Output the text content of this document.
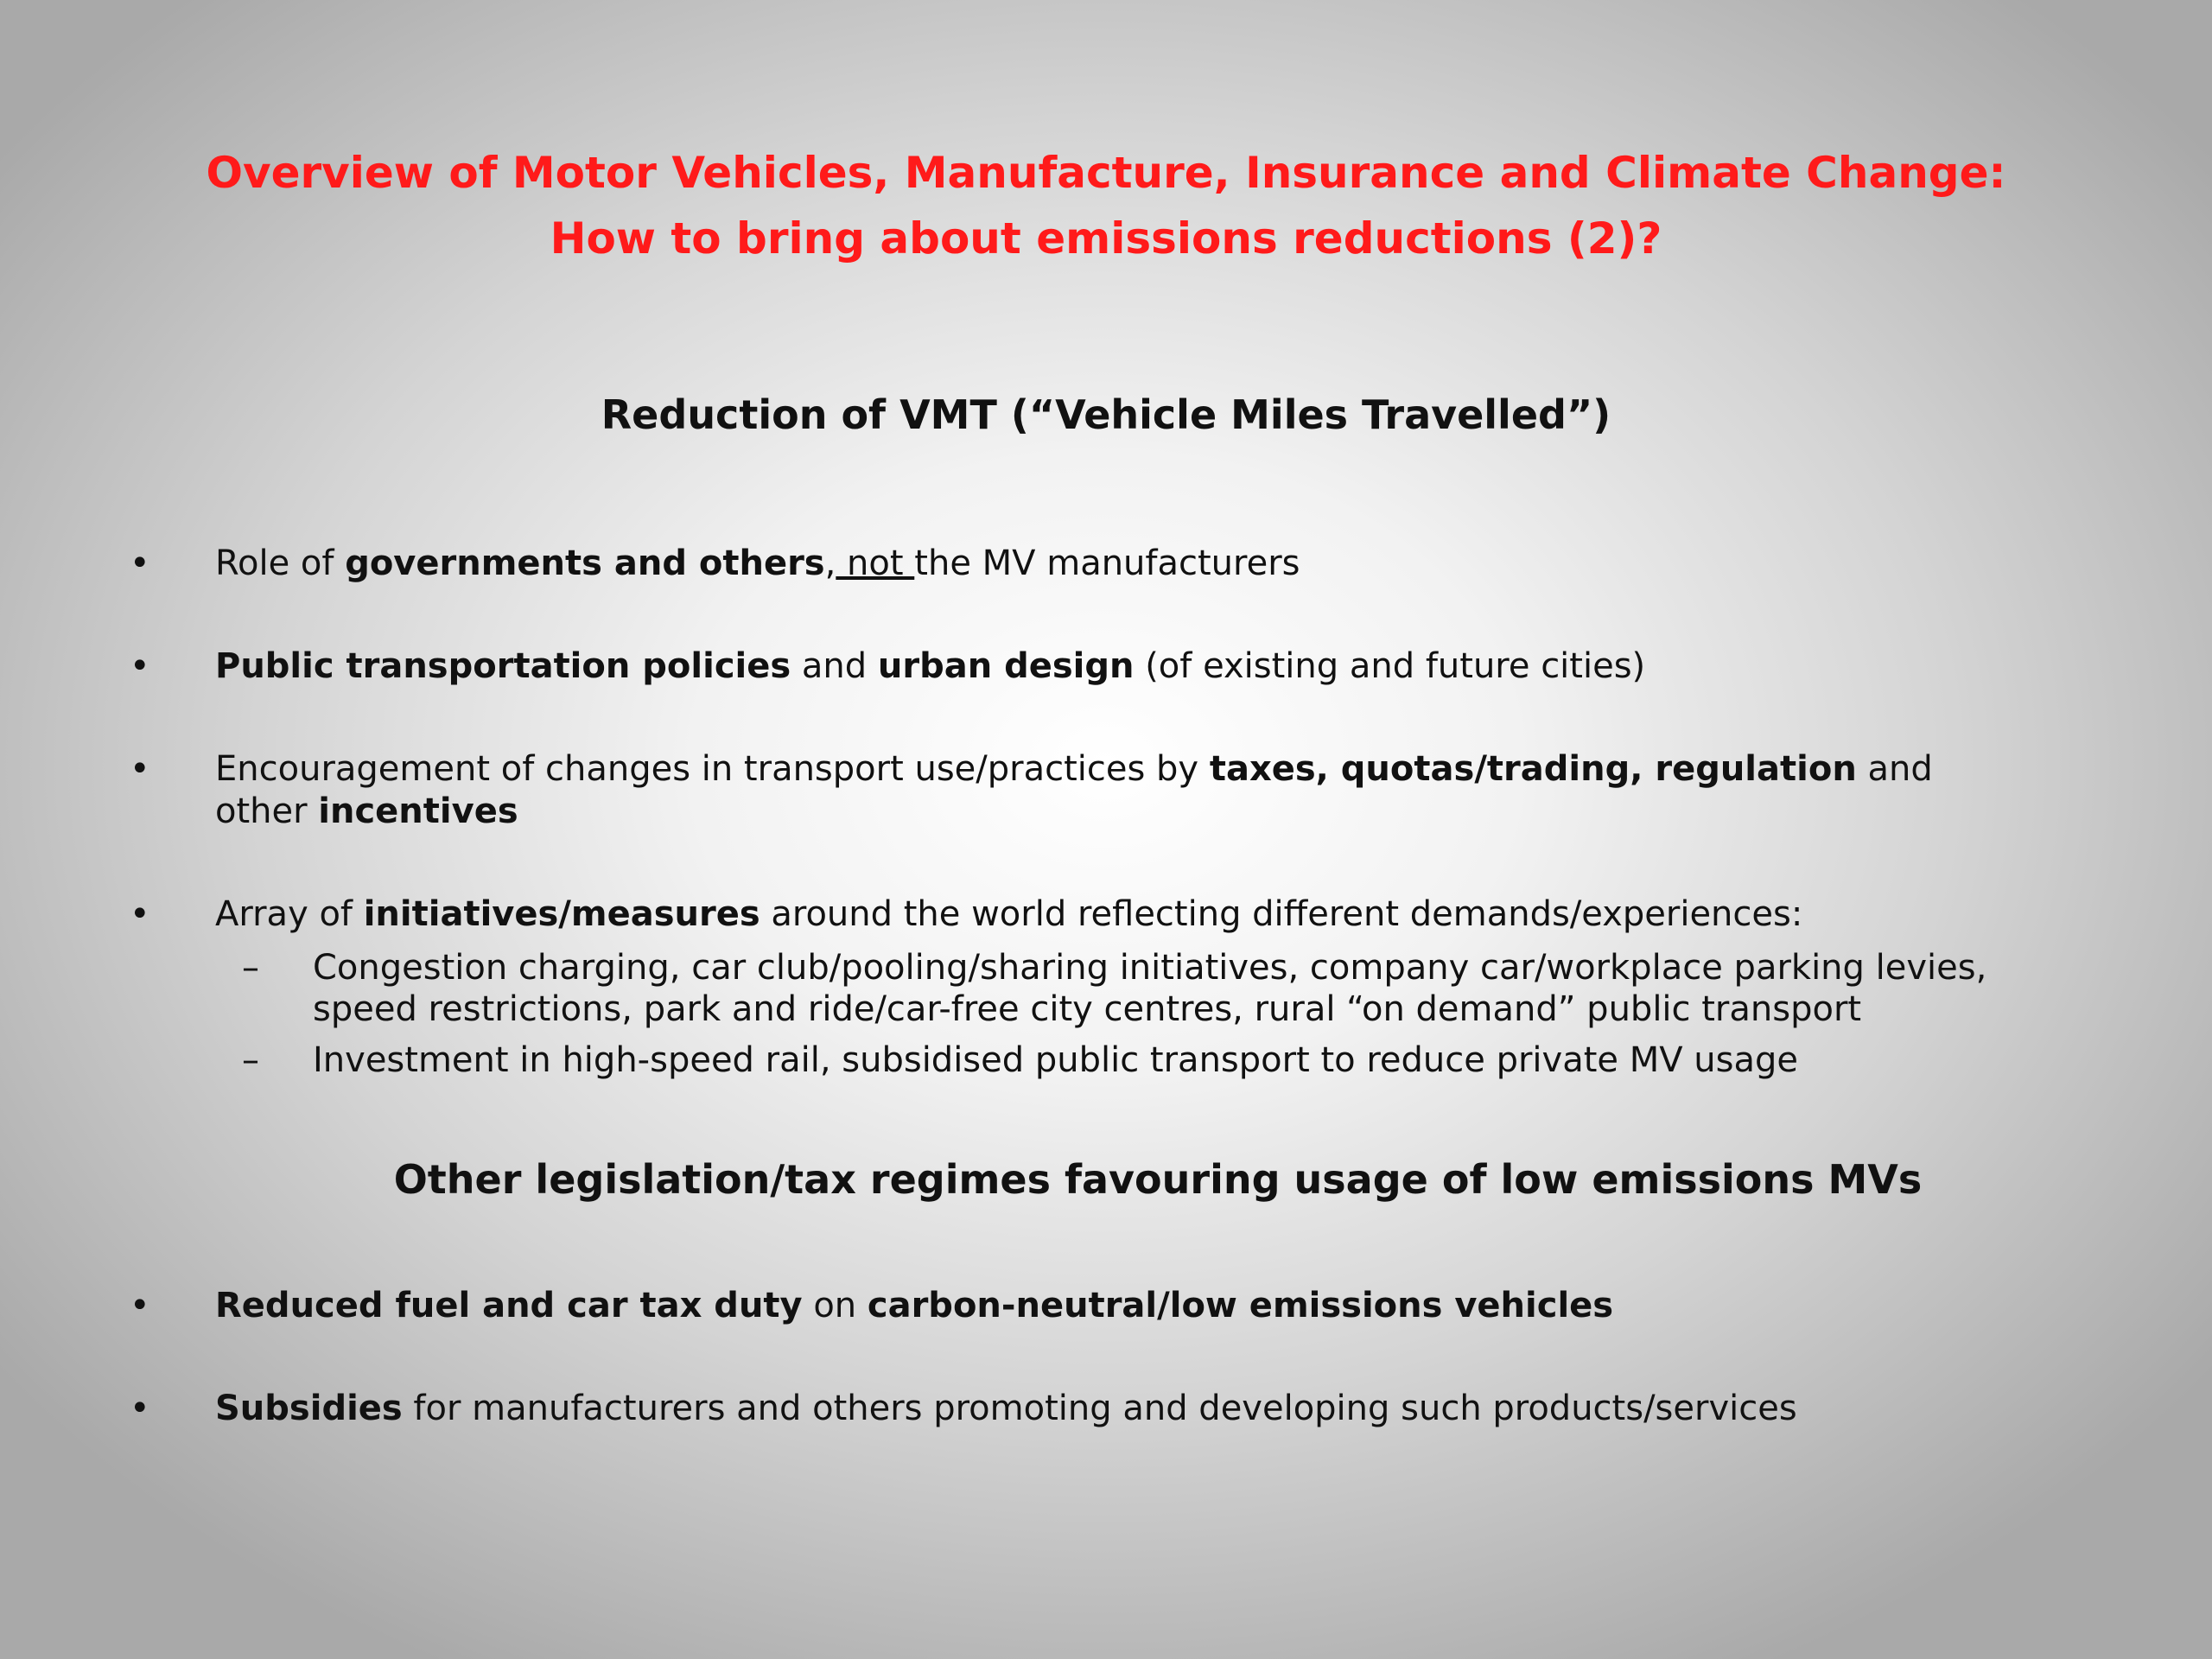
Overview of Motor Vehicles, Manufacture, Insurance and Climate Change:
How to bring about emissions reductions (2)?
Reduction of VMT (“Vehicle Miles Travelled”)
• Role of governments and others, not the MV manufacturers
• Public transportation policies and urban design (of existing and future cities)
• Encouragement of changes in transport use/practices by taxes, quotas/trading, regulation and other incentives
• Array of initiatives/measures around the world reflecting different demands/experiences:
– Congestion charging, car club/pooling/sharing initiatives, company car/workplace parking levies, speed restrictions, park and ride/car-free city centres, rural “on demand” public transport
– Investment in high-speed rail, subsidised public transport to reduce private MV usage
Other legislation/tax regimes favouring usage of low emissions MVs
• Reduced fuel and car tax duty on carbon-neutral/low emissions vehicles
• Subsidies for manufacturers and others promoting and developing such products/services
